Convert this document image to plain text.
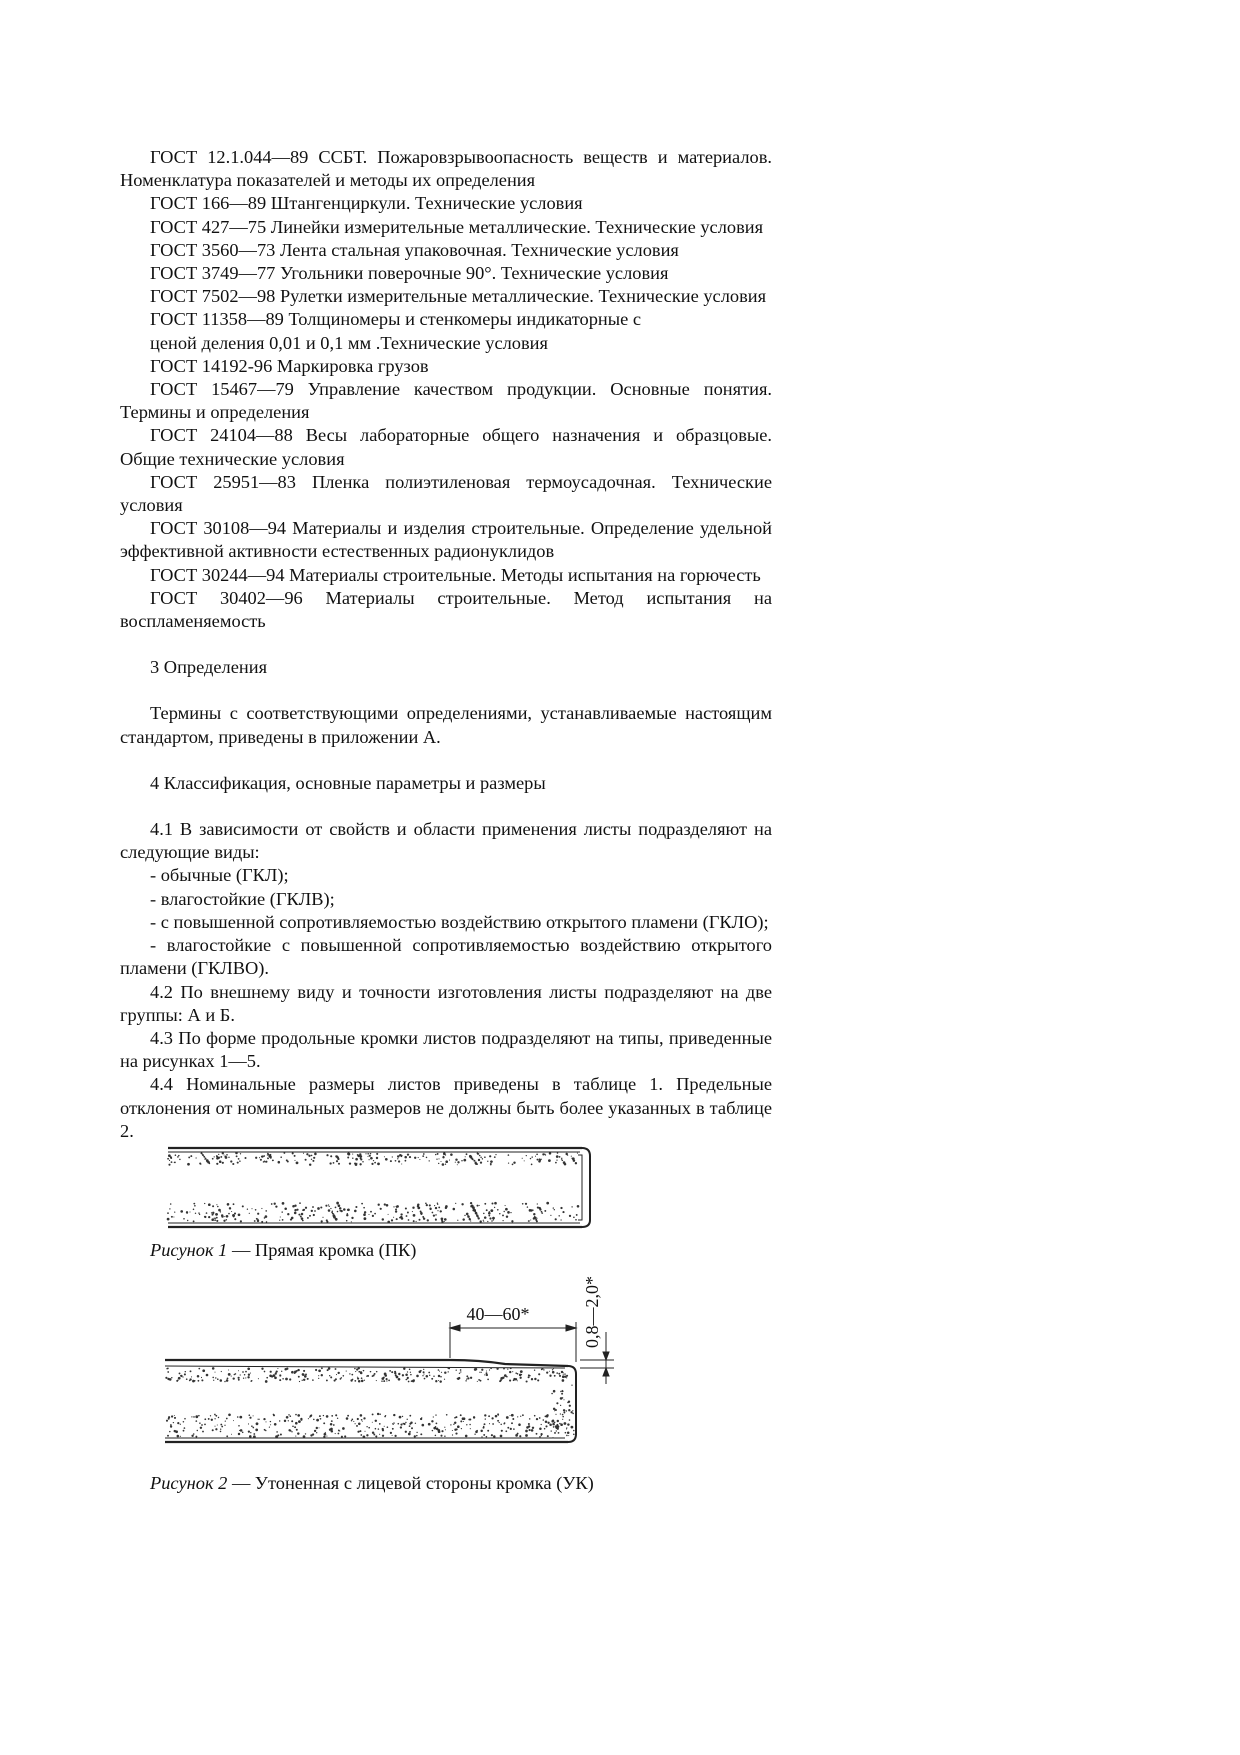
ГОСТ 12.1.044—89 ССБТ. Пожаровзрывоопасность веществ и материалов. Номенклатура показателей и методы их определения

ГОСТ 166—89 Штангенциркули. Технические условия

ГОСТ 427—75 Линейки измерительные металлические. Технические условия

ГОСТ 3560—73 Лента стальная упаковочная. Технические условия

ГОСТ 3749—77 Угольники поверочные 90°. Технические условия

ГОСТ 7502—98 Рулетки измерительные металлические. Технические условия

ГОСТ 11358—89 Толщиномеры и стенкомеры индикаторные с

ценой деления 0,01 и 0,1 мм .Технические условия

ГОСТ 14192-96 Маркировка грузов

ГОСТ 15467—79 Управление качеством продукции. Основные понятия. Термины и определения

ГОСТ 24104—88 Весы лабораторные общего назначения и образцовые. Общие технические условия

ГОСТ 25951—83 Пленка полиэтиленовая термоусадочная. Технические условия

ГОСТ 30108—94 Материалы и изделия строительные. Определение удельной эффективной активности естественных радионуклидов

ГОСТ 30244—94 Материалы строительные. Методы испытания на горючесть

ГОСТ 30402—96 Материалы строительные. Метод испытания на воспламеняемость

3 Определения

Термины с соответствующими определениями, устанавливаемые настоящим стандартом, приведены в приложении А.

4 Классификация, основные параметры и размеры

4.1 В зависимости от свойств и области применения листы подразделяют на следующие виды:

- обычные (ГКЛ);

- влагостойкие (ГКЛВ);

- с повышенной сопротивляемостью воздействию открытого пламени (ГКЛО);

- влагостойкие с повышенной сопротивляемостью воздействию открытого пламени (ГКЛВО).

4.2 По внешнему виду и точности изготовления листы подразделяют на две группы: А и Б.

4.3 По форме продольные кромки листов подразделяют на типы, приведенные на рисунках 1—5.

4.4 Номинальные размеры листов приведены в таблице 1. Предельные отклонения от номинальных размеров не должны быть более указанных в таблице 2.

Рисунок 1 — Прямая кромка (ПК)

40—60*	0,8—2,0*

Рисунок 2 — Утоненная с лицевой стороны кромка (УК)
